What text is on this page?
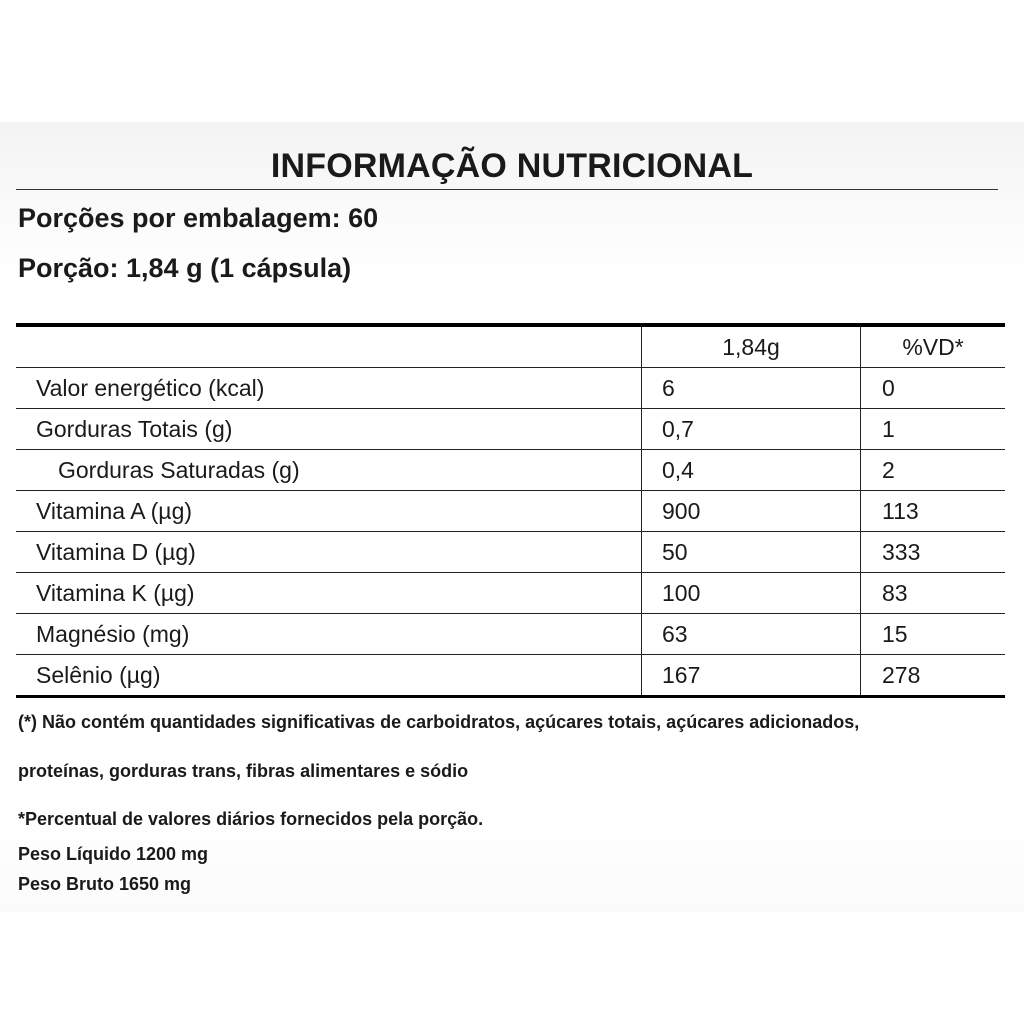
INFORMAÇÃO NUTRICIONAL
Porções por embalagem: 60
Porção: 1,84 g (1 cápsula)
	1,84g	%VD*
Valor energético (kcal)	6	0
Gorduras Totais (g)	0,7	1
Gorduras Saturadas (g)	0,4	2
Vitamina A (µg)	900	113
Vitamina D (µg)	50	333
Vitamina K (µg)	100	83
Magnésio (mg)	63	15
Selênio (µg)	167	278
(*) Não contém quantidades significativas de carboidratos, açúcares totais, açúcares adicionados,
proteínas, gorduras trans, fibras alimentares e sódio
*Percentual de valores diários fornecidos pela porção.
Peso Líquido 1200 mg
Peso Bruto 1650 mg
